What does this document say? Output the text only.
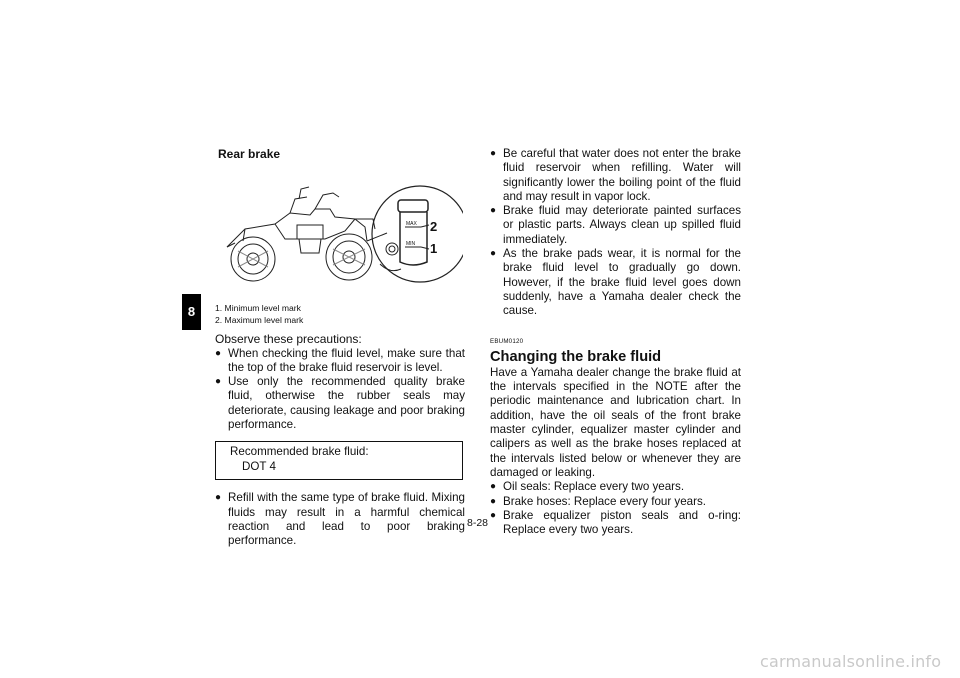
8
Rear brake
MAX
MIN
2
1
1. Minimum level mark
2. Maximum level mark
Observe these precautions:
● When checking the fluid level, make sure that the top of the brake fluid reservoir is level.
● Use only the recommended quality brake fluid, otherwise the rubber seals may deteriorate, causing leakage and poor braking performance.
Recommended brake fluid:
DOT 4
● Refill with the same type of brake fluid. Mixing fluids may result in a harmful chemical reaction and lead to poor braking performance.
● Be careful that water does not enter the brake fluid reservoir when refilling. Water will significantly lower the boiling point of the fluid and may result in vapor lock.
● Brake fluid may deteriorate painted surfaces or plastic parts. Always clean up spilled fluid immediately.
● As the brake pads wear, it is normal for the brake fluid level to gradually go down. However, if the brake fluid level goes down suddenly, have a Yamaha dealer check the cause.
EBUM0120
Changing the brake fluid

Have a Yamaha dealer change the brake fluid at the intervals specified in the NOTE after the periodic maintenance and lubrication chart. In addition, have the oil seals of the front brake master cylinder, equalizer master cylinder and calipers as well as the brake hoses replaced at the intervals listed below or whenever they are damaged or leaking.

● Oil seals: Replace every two years.
● Brake hoses: Replace every four years.
● Brake equalizer piston seals and o-ring: Replace every two years.
8-28
carmanualsonline.info
